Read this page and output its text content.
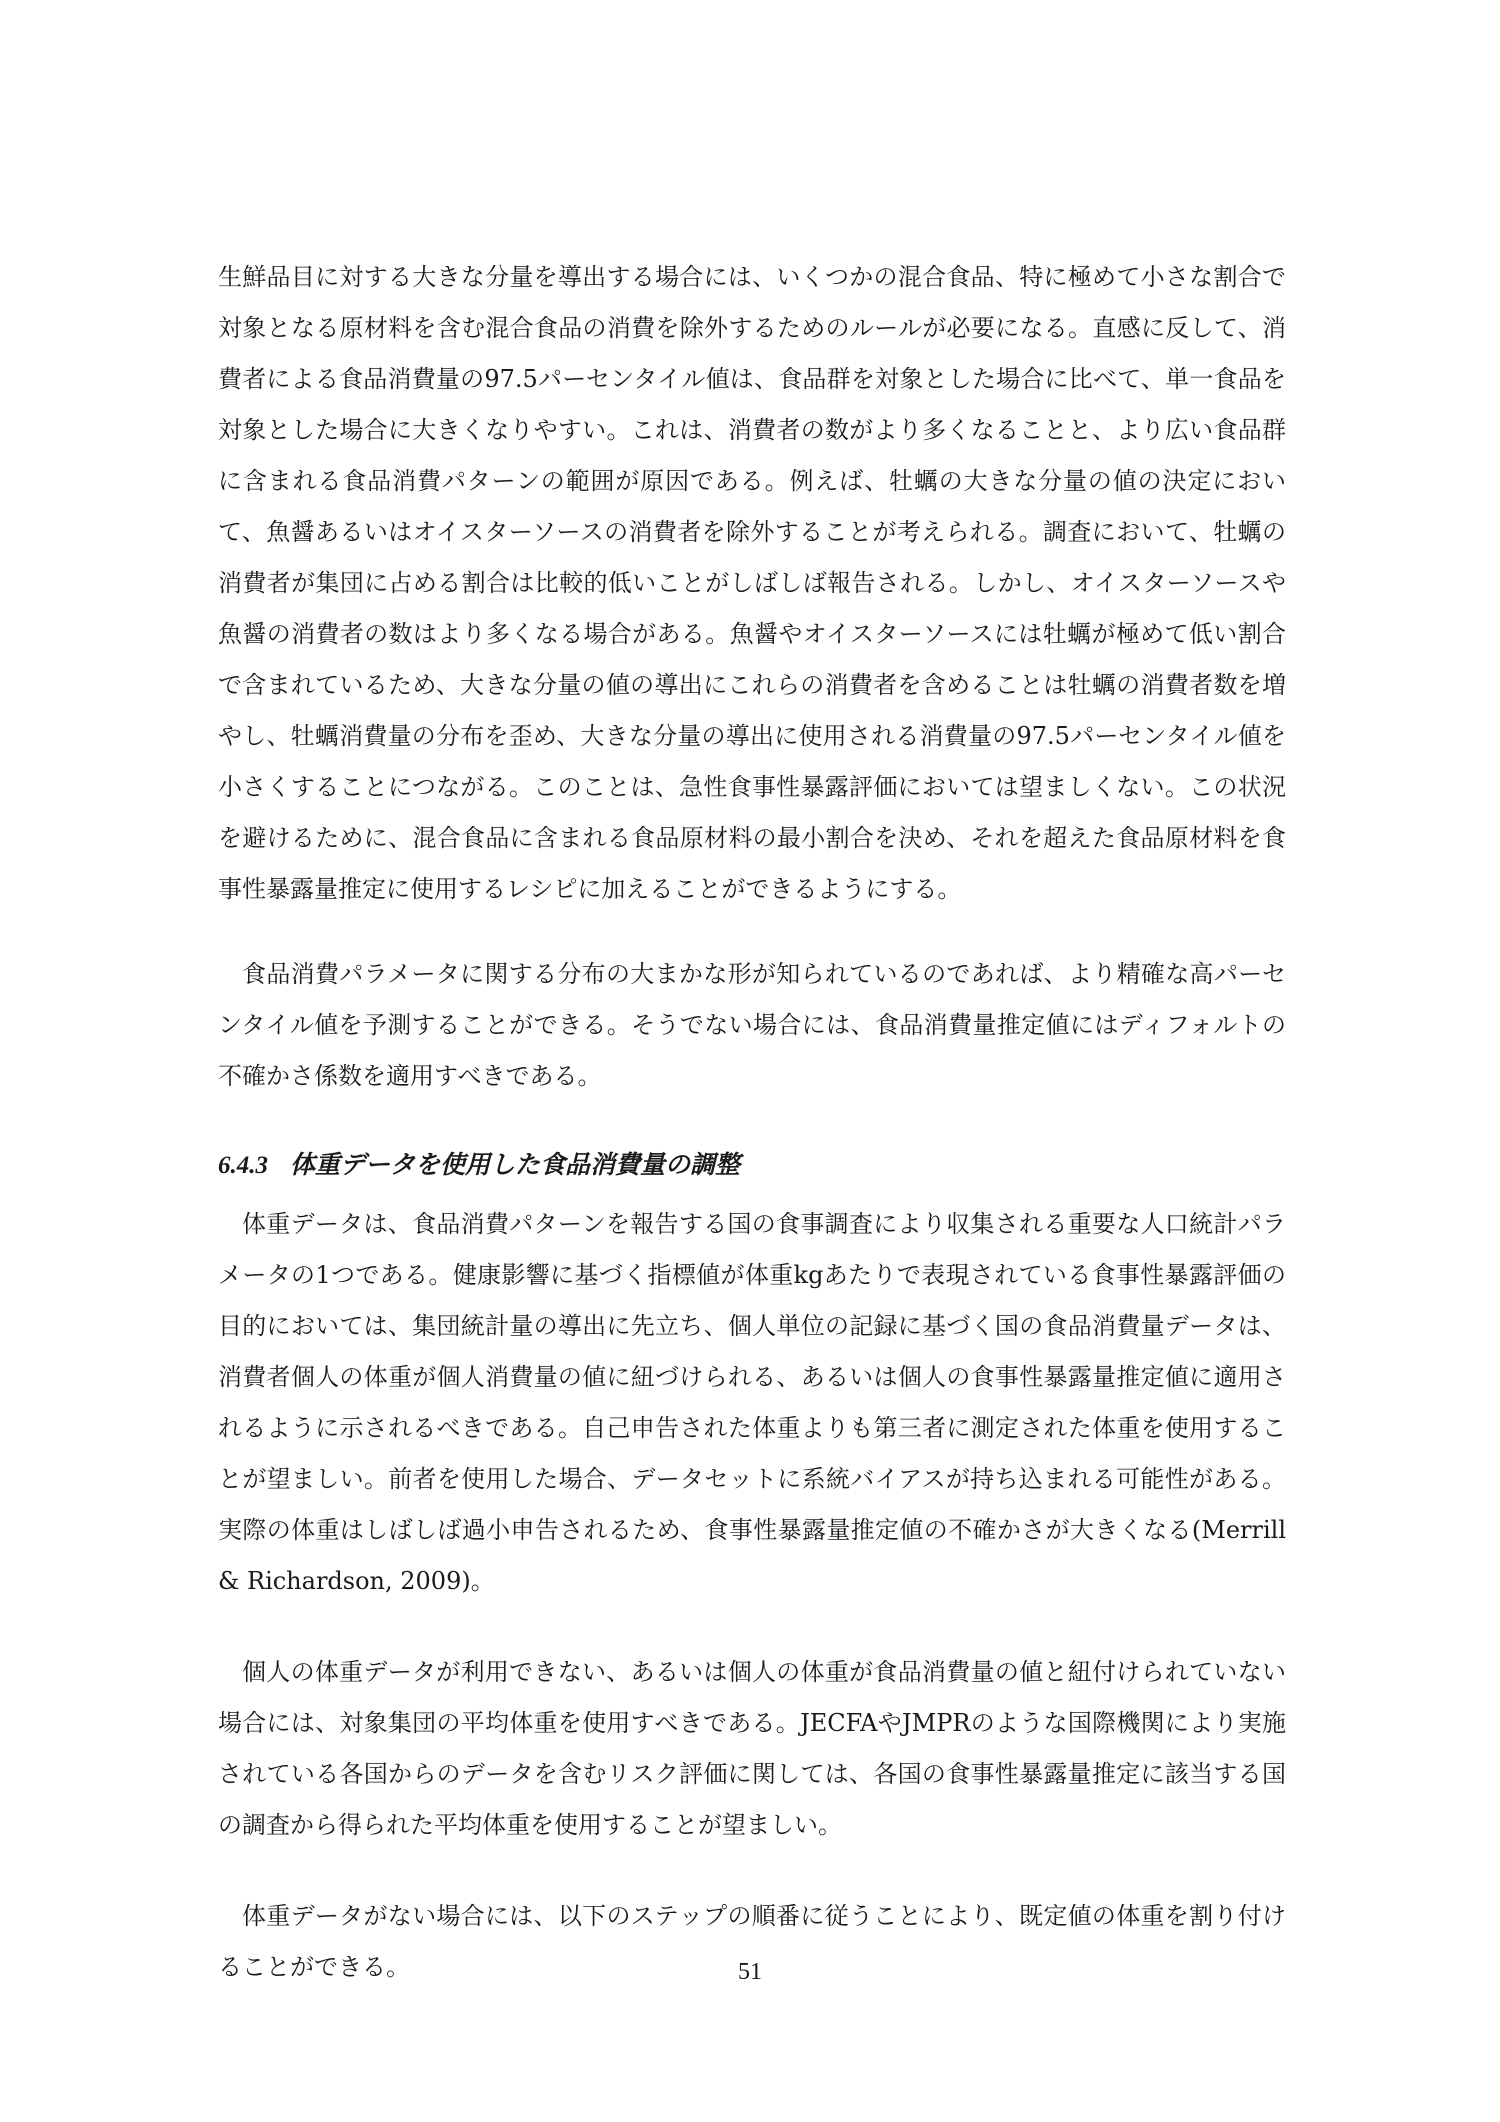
生鮮品目に対する大きな分量を導出する場合には、いくつかの混合食品、特に極めて小さな割合で対象となる原材料を含む混合食品の消費を除外するためのルールが必要になる。直感に反して、消費者による食品消費量の97.5パーセンタイル値は、食品群を対象とした場合に比べて、単一食品を対象とした場合に大きくなりやすい。これは、消費者の数がより多くなることと、より広い食品群に含まれる食品消費パターンの範囲が原因である。例えば、牡蠣の大きな分量の値の決定において、魚醤あるいはオイスターソースの消費者を除外することが考えられる。調査において、牡蠣の消費者が集団に占める割合は比較的低いことがしばしば報告される。しかし、オイスターソースや魚醤の消費者の数はより多くなる場合がある。魚醤やオイスターソースには牡蠣が極めて低い割合で含まれているため、大きな分量の値の導出にこれらの消費者を含めることは牡蠣の消費者数を増やし、牡蠣消費量の分布を歪め、大きな分量の導出に使用される消費量の97.5パーセンタイル値を小さくすることにつながる。このことは、急性食事性暴露評価においては望ましくない。この状況を避けるために、混合食品に含まれる食品原材料の最小割合を決め、それを超えた食品原材料を食事性暴露量推定に使用するレシピに加えることができるようにする。

食品消費パラメータに関する分布の大まかな形が知られているのであれば、より精確な高パーセンタイル値を予測することができる。そうでない場合には、食品消費量推定値にはディフォルトの不確かさ係数を適用すべきである。

6.4.3 体重データを使用した食品消費量の調整

体重データは、食品消費パターンを報告する国の食事調査により収集される重要な人口統計パラメータの1つである。健康影響に基づく指標値が体重kgあたりで表現されている食事性暴露評価の目的においては、集団統計量の導出に先立ち、個人単位の記録に基づく国の食品消費量データは、消費者個人の体重が個人消費量の値に紐づけられる、あるいは個人の食事性暴露量推定値に適用されるように示されるべきである。自己申告された体重よりも第三者に測定された体重を使用することが望ましい。前者を使用した場合、データセットに系統バイアスが持ち込まれる可能性がある。実際の体重はしばしば過小申告されるため、食事性暴露量推定値の不確かさが大きくなる(Merrill & Richardson, 2009)。

個人の体重データが利用できない、あるいは個人の体重が食品消費量の値と紐付けられていない場合には、対象集団の平均体重を使用すべきである。JECFAやJMPRのような国際機関により実施されている各国からのデータを含むリスク評価に関しては、各国の食事性暴露量推定に該当する国の調査から得られた平均体重を使用することが望ましい。

体重データがない場合には、以下のステップの順番に従うことにより、既定値の体重を割り付けることができる。	51
